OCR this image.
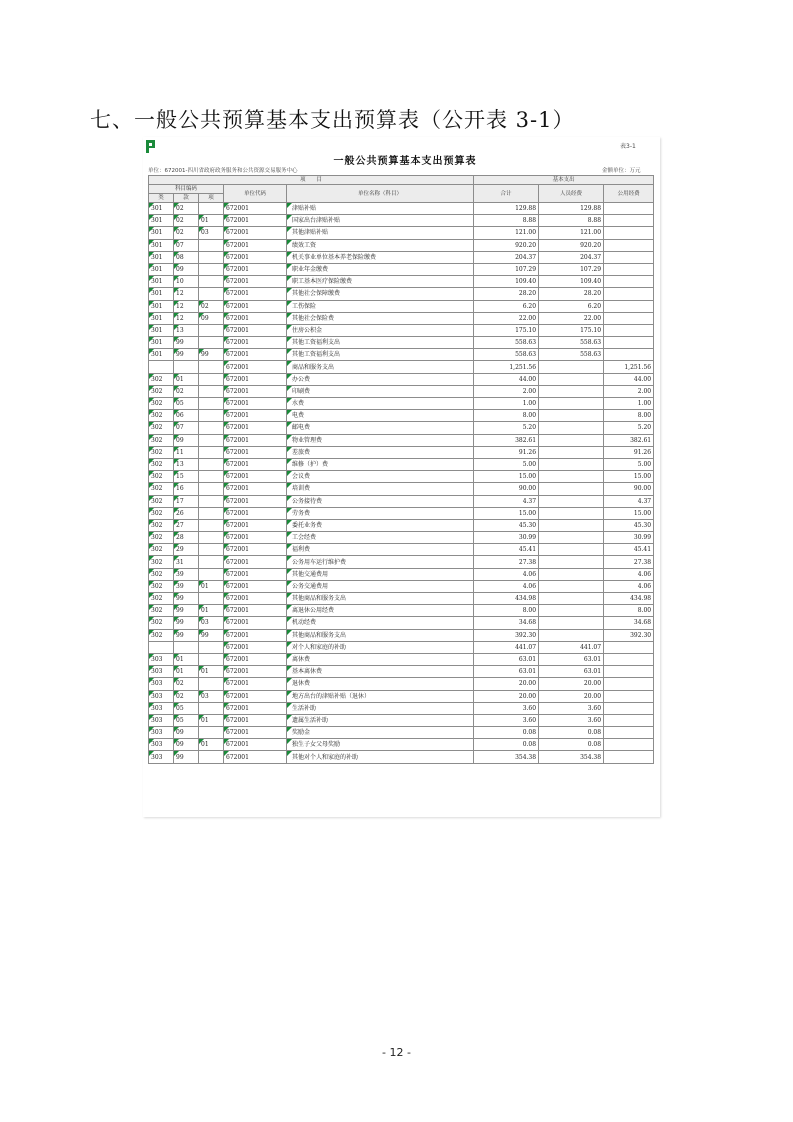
七、一般公共预算基本支出预算表（公开表 3-1）
表3-1
一般公共预算基本支出预算表
单位：672001-四川省政府政务服务和公共资源交易服务中心	金额单位：万元
项　　目					基本支出		
科目编码			单位代码	单位名称（科目）	合计	人员经费	公用经费
类	款	项					
301	02		672001	津贴补贴	129.88	129.88	
301	02	01	672001	国家出台津贴补贴	8.88	8.88	
301	02	03	672001	其他津贴补贴	121.00	121.00	
301	07		672001	绩效工资	920.20	920.20	
301	08		672001	机关事业单位基本养老保险缴费	204.37	204.37	
301	09		672001	职业年金缴费	107.29	107.29	
301	10		672001	职工基本医疗保险缴费	109.40	109.40	
301	12		672001	其他社会保障缴费	28.20	28.20	
301	12	02	672001	工伤保险	6.20	6.20	
301	12	09	672001	其他社会保险费	22.00	22.00	
301	13		672001	住房公积金	175.10	175.10	
301	99		672001	其他工资福利支出	558.63	558.63	
301	99	99	672001	其他工资福利支出	558.63	558.63	
			672001	商品和服务支出	1,251.56		1,251.56
302	01		672001	办公费	44.00		44.00
302	02		672001	印刷费	2.00		2.00
302	05		672001	水费	1.00		1.00
302	06		672001	电费	8.00		8.00
302	07		672001	邮电费	5.20		5.20
302	09		672001	物业管理费	382.61		382.61
302	11		672001	差旅费	91.26		91.26
302	13		672001	维修（护）费	5.00		5.00
302	15		672001	会议费	15.00		15.00
302	16		672001	培训费	90.00		90.00
302	17		672001	公务接待费	4.37		4.37
302	26		672001	劳务费	15.00		15.00
302	27		672001	委托业务费	45.30		45.30
302	28		672001	工会经费	30.99		30.99
302	29		672001	福利费	45.41		45.41
302	31		672001	公务用车运行维护费	27.38		27.38
302	39		672001	其他交通费用	4.06		4.06
302	39	01	672001	公务交通费用	4.06		4.06
302	99		672001	其他商品和服务支出	434.98		434.98
302	99	01	672001	离退休公用经费	8.00		8.00
302	99	03	672001	机动经费	34.68		34.68
302	99	99	672001	其他商品和服务支出	392.30		392.30
			672001	对个人和家庭的补助	441.07	441.07	
303	01		672001	离休费	63.01	63.01	
303	01	01	672001	基本离休费	63.01	63.01	
303	02		672001	退休费	20.00	20.00	
303	02	03	672001	地方出台的津贴补贴（退休）	20.00	20.00	
303	05		672001	生活补助	3.60	3.60	
303	05	01	672001	遗属生活补助	3.60	3.60	
303	09		672001	奖励金	0.08	0.08	
303	09	01	672001	独生子女父母奖励	0.08	0.08	
303	99		672001	其他对个人和家庭的补助	354.38	354.38	
- 12 -
